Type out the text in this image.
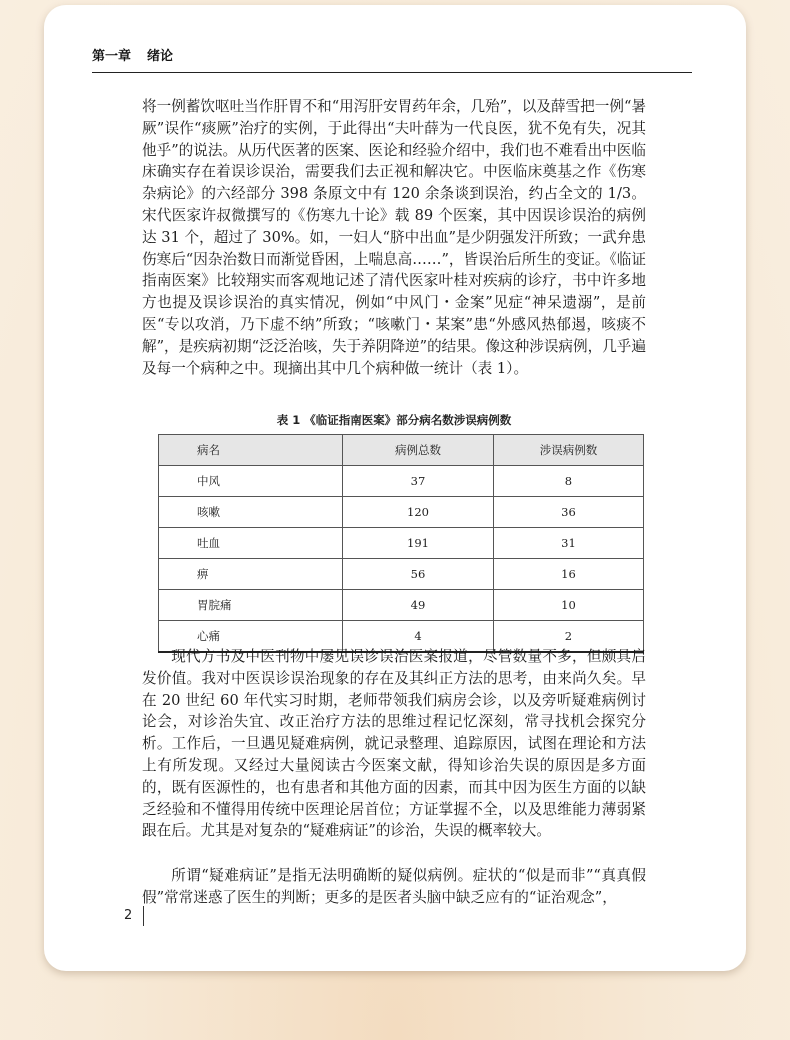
第一章 绪论

将一例蓄饮呕吐当作肝胃不和“用泻肝安胃药年余，几殆”，以及薛雪把一例“暑厥”误作“痰厥”治疗的实例，于此得出“夫叶薛为一代良医，犹不免有失，况其他乎”的说法。从历代医著的医案、医论和经验介绍中，我们也不难看出中医临床确实存在着误诊误治，需要我们去正视和解决它。中医临床奠基之作《伤寒杂病论》的六经部分 398 条原文中有 120 余条谈到误治，约占全文的 1/3。宋代医家许叔微撰写的《伤寒九十论》载 89 个医案，其中因误诊误治的病例达 31 个，超过了 30%。如，一妇人“脐中出血”是少阴强发汗所致；一武弁患伤寒后“因杂治数日而渐觉昏困，上喘息高……”，皆误治后所生的变证。《临证指南医案》比较翔实而客观地记述了清代医家叶桂对疾病的诊疗，书中许多地方也提及误诊误治的真实情况，例如“中风门・金案”见症“神呆遗溺”，是前医“专以攻消，乃下虚不纳”所致；“咳嗽门・某案”患“外感风热郁遏，咳痰不解”，是疾病初期“泛泛治咳，失于养阴降逆”的结果。像这种涉误病例，几乎遍及每一个病种之中。现摘出其中几个病种做一统计（表 1）。

表 1 《临证指南医案》部分病名数涉误病例数
病名	病例总数	涉误病例数
中风	37	8
咳嗽	120	36
吐血	191	31
痹	56	16
胃脘痛	49	10
心痛	4	2

现代方书及中医刊物中屡见误诊误治医案报道，尽管数量不多，但颇具启发价值。我对中医误诊误治现象的存在及其纠正方法的思考，由来尚久矣。早在 20 世纪 60 年代实习时期，老师带领我们病房会诊，以及旁听疑难病例讨论会，对诊治失宜、改正治疗方法的思维过程记忆深刻，常寻找机会探究分析。工作后，一旦遇见疑难病例，就记录整理、追踪原因，试图在理论和方法上有所发现。又经过大量阅读古今医案文献，得知诊治失误的原因是多方面的，既有医源性的，也有患者和其他方面的因素，而其中因为医生方面的以缺乏经验和不懂得用传统中医理论居首位；方证掌握不全，以及思维能力薄弱紧跟在后。尤其是对复杂的“疑难病证”的诊治，失误的概率较大。

所谓“疑难病证”是指无法明确断的疑似病例。症状的“似是而非”“真真假假”常常迷惑了医生的判断；更多的是医者头脑中缺乏应有的“证治观念”，

2
